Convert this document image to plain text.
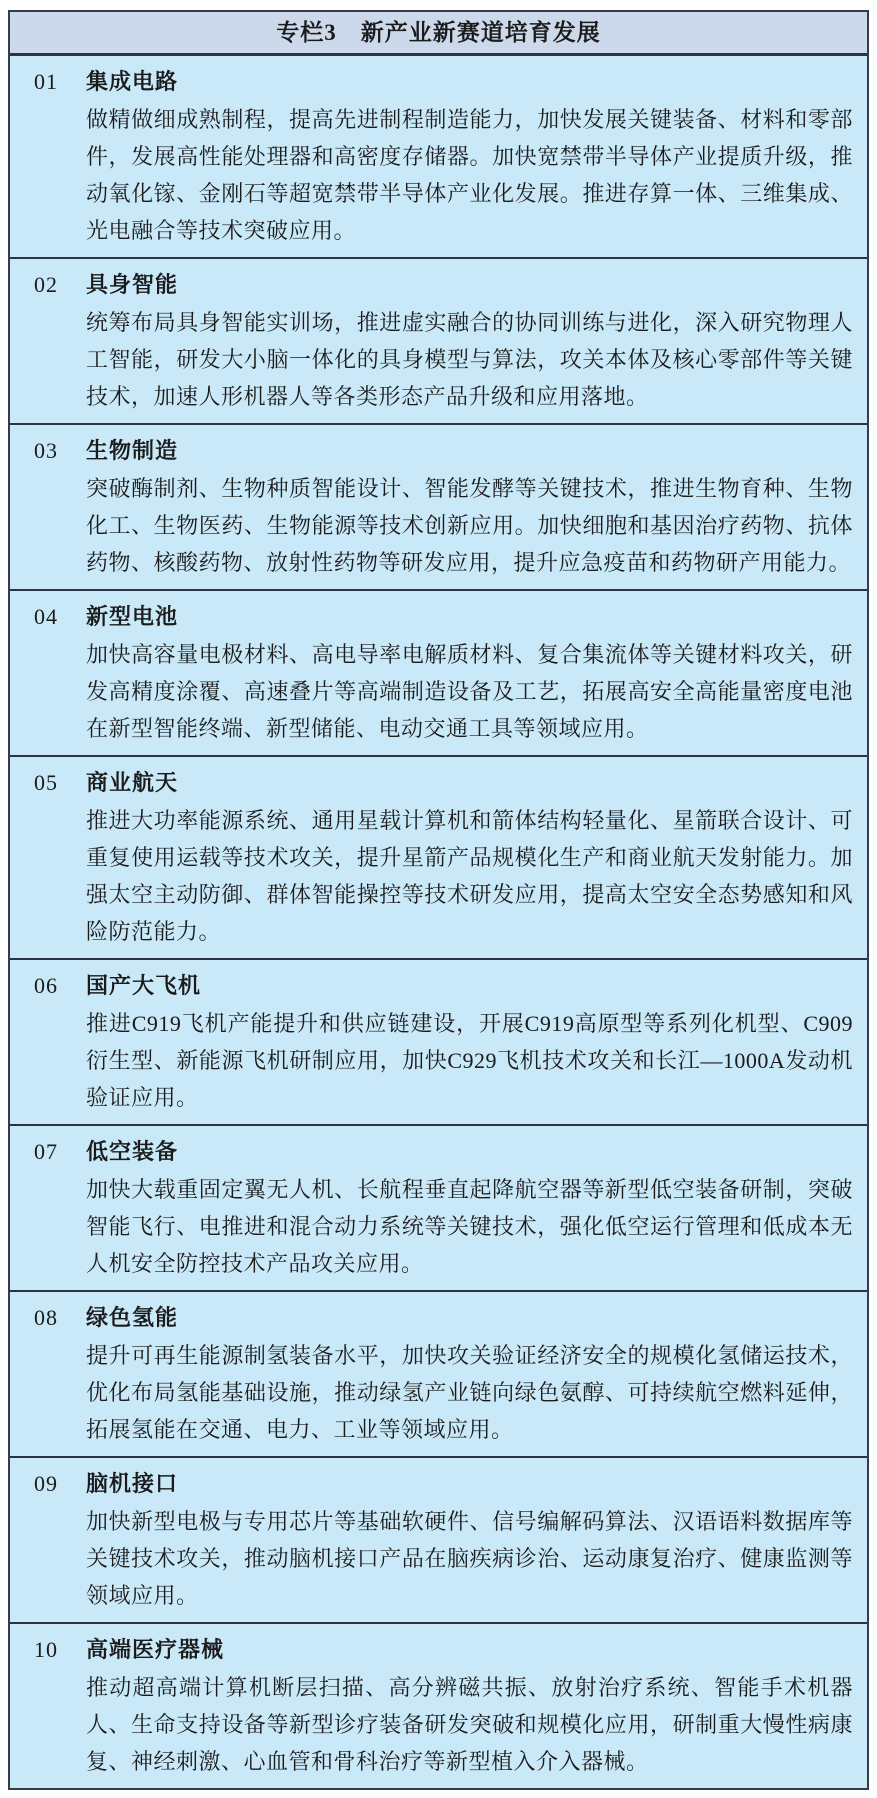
专栏3　新产业新赛道培育发展
01	集成电路

做精做细成熟制程，提高先进制程制造能力，加快发展关键装备、材料和零部件，发展高性能处理器和高密度存储器。加快宽禁带半导体产业提质升级，推动氧化镓、金刚石等超宽禁带半导体产业化发展。推进存算一体、三维集成、光电融合等技术突破应用。

02	具身智能

统筹布局具身智能实训场，推进虚实融合的协同训练与进化，深入研究物理人工智能，研发大小脑一体化的具身模型与算法，攻关本体及核心零部件等关键技术，加速人形机器人等各类形态产品升级和应用落地。

03	生物制造

突破酶制剂、生物种质智能设计、智能发酵等关键技术，推进生物育种、生物化工、生物医药、生物能源等技术创新应用。加快细胞和基因治疗药物、抗体药物、核酸药物、放射性药物等研发应用，提升应急疫苗和药物研产用能力。

04	新型电池

加快高容量电极材料、高电导率电解质材料、复合集流体等关键材料攻关，研发高精度涂覆、高速叠片等高端制造设备及工艺，拓展高安全高能量密度电池在新型智能终端、新型储能、电动交通工具等领域应用。

05	商业航天

推进大功率能源系统、通用星载计算机和箭体结构轻量化、星箭联合设计、可重复使用运载等技术攻关，提升星箭产品规模化生产和商业航天发射能力。加强太空主动防御、群体智能操控等技术研发应用，提高太空安全态势感知和风险防范能力。

06	国产大飞机

推进C919飞机产能提升和供应链建设，开展C919高原型等系列化机型、C909衍生型、新能源飞机研制应用，加快C929飞机技术攻关和长江—1000A发动机验证应用。

07	低空装备

加快大载重固定翼无人机、长航程垂直起降航空器等新型低空装备研制，突破智能飞行、电推进和混合动力系统等关键技术，强化低空运行管理和低成本无人机安全防控技术产品攻关应用。

08	绿色氢能

提升可再生能源制氢装备水平，加快攻关验证经济安全的规模化氢储运技术，优化布局氢能基础设施，推动绿氢产业链向绿色氨醇、可持续航空燃料延伸，拓展氢能在交通、电力、工业等领域应用。

09	脑机接口

加快新型电极与专用芯片等基础软硬件、信号编解码算法、汉语语料数据库等关键技术攻关，推动脑机接口产品在脑疾病诊治、运动康复治疗、健康监测等领域应用。

10	高端医疗器械

推动超高端计算机断层扫描、高分辨磁共振、放射治疗系统、智能手术机器人、生命支持设备等新型诊疗装备研发突破和规模化应用，研制重大慢性病康复、神经刺激、心血管和骨科治疗等新型植入介入器械。
